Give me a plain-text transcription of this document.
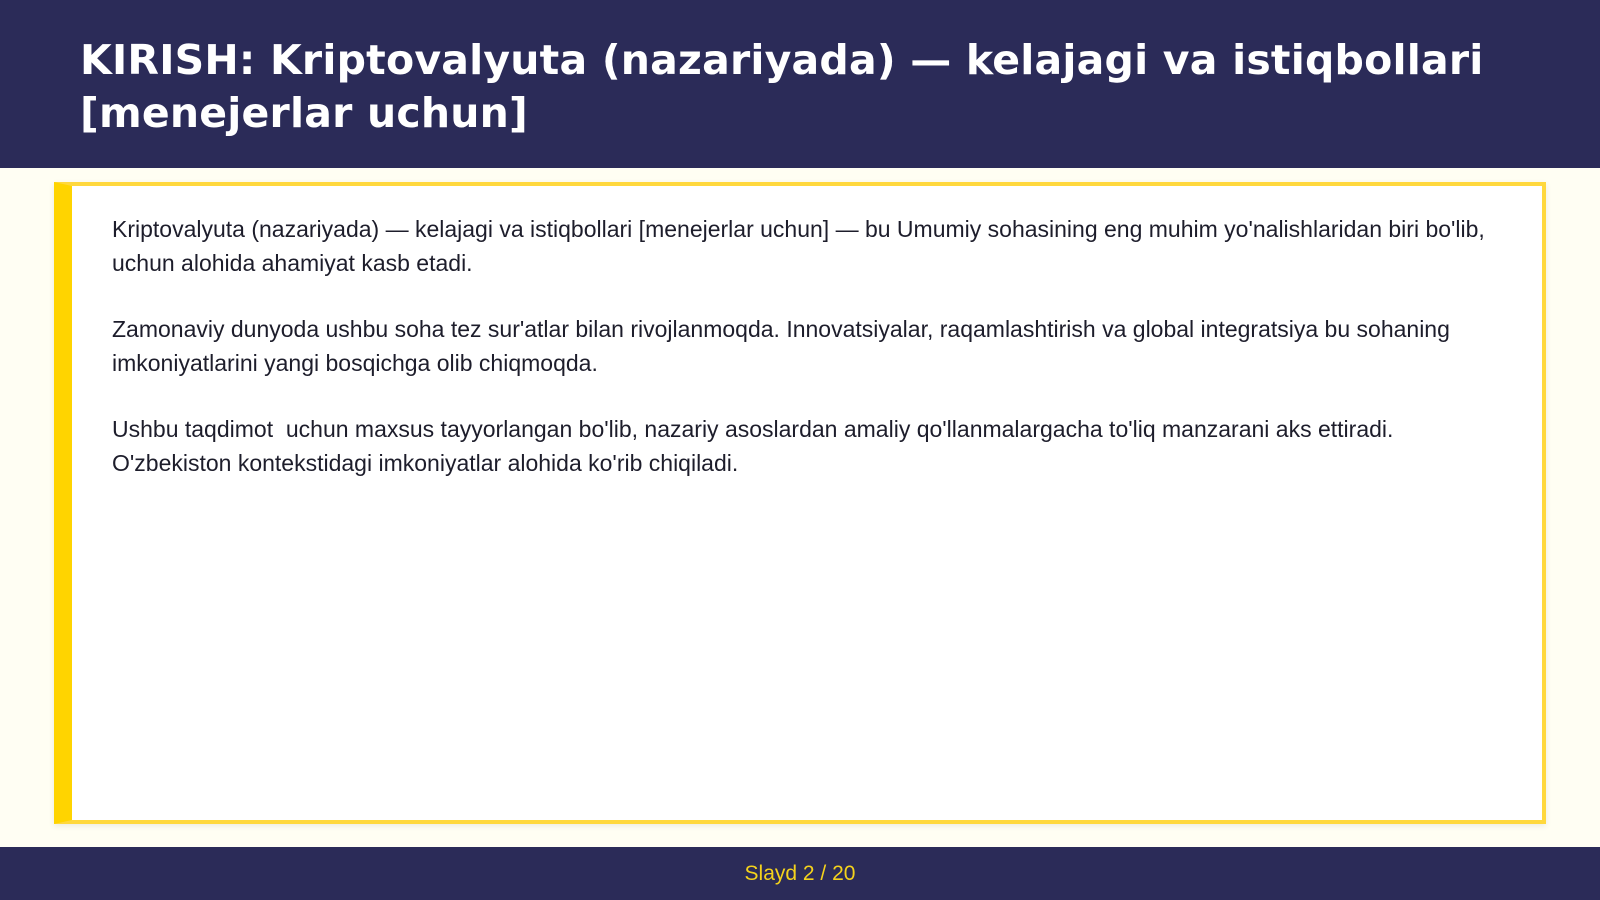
KIRISH: Kriptovalyuta (nazariyada) — kelajagi va istiqbollari [menejerlar uchun]

Kriptovalyuta (nazariyada) — kelajagi va istiqbollari [menejerlar uchun] — bu Umumiy sohasining eng muhim yo'nalishlaridan biri bo'lib,  uchun alohida ahamiyat kasb etadi.

Zamonaviy dunyoda ushbu soha tez sur'atlar bilan rivojlanmoqda. Innovatsiyalar, raqamlashtirish va global integratsiya bu sohaning imkoniyatlarini yangi bosqichga olib chiqmoqda.

Ushbu taqdimot  uchun maxsus tayyorlangan bo'lib, nazariy asoslardan amaliy qo'llanmalargacha to'liq manzarani aks ettiradi. O'zbekiston kontekstidagi imkoniyatlar alohida ko'rib chiqiladi.

Slayd 2 / 20
